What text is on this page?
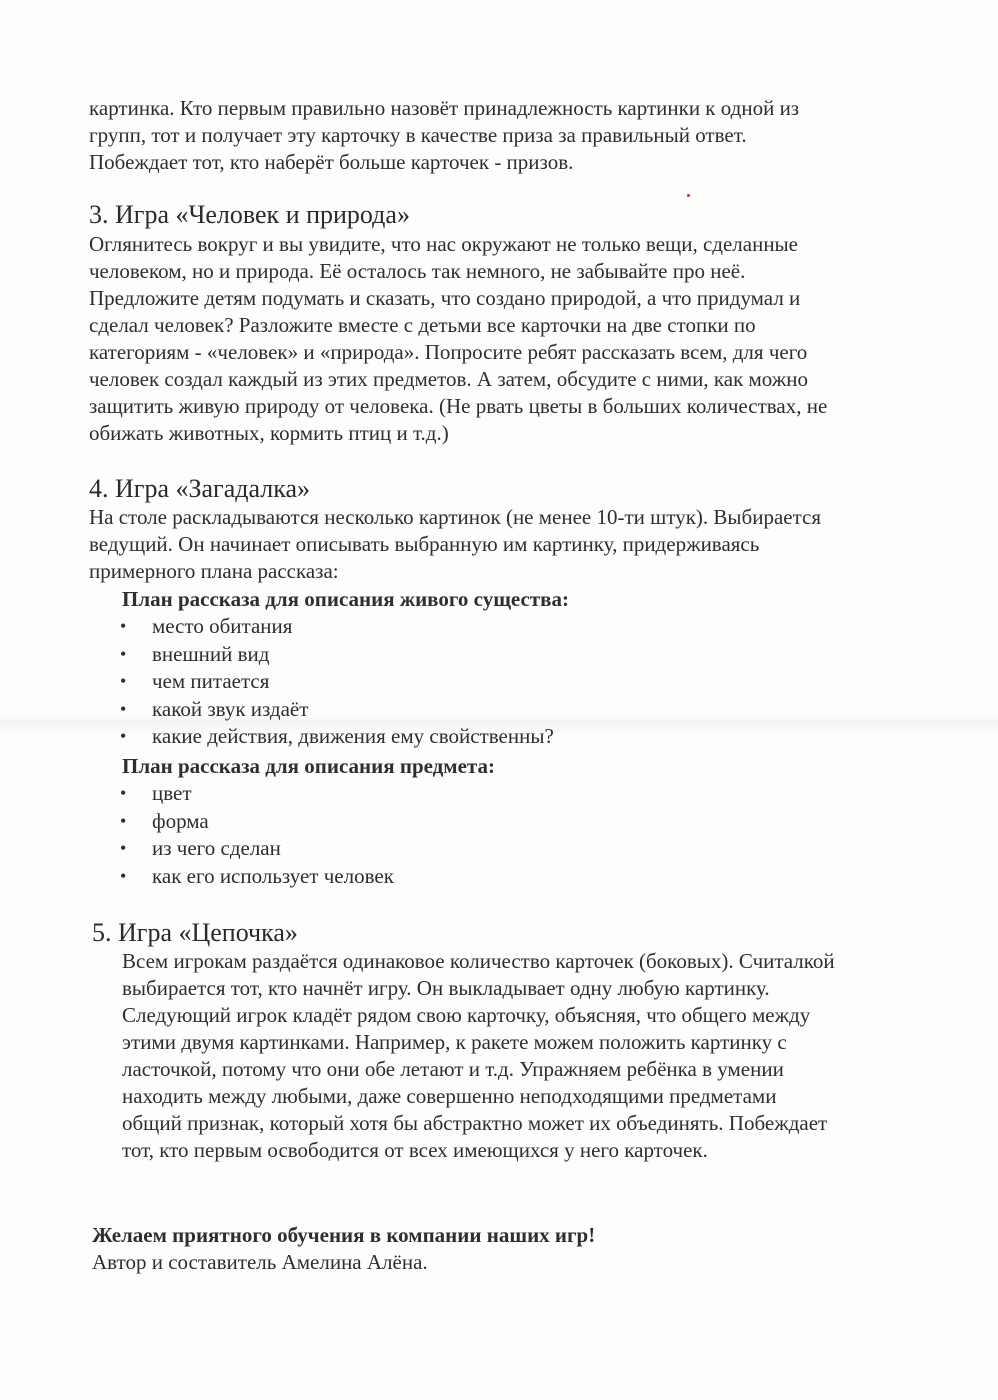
картинка. Кто первым правильно назовёт принадлежность картинки к одной из
групп, тот и получает эту карточку в качестве приза за правильный ответ.
Побеждает тот, кто наберёт больше карточек - призов.
3. Игра «Человек и природа»
Оглянитесь вокруг и вы увидите, что нас окружают не только вещи, сделанные
человеком, но и природа. Её осталось так немного, не забывайте про неё.
Предложите детям подумать и сказать, что создано природой, а что придумал и
сделал человек? Разложите вместе с детьми все карточки на две стопки по
категориям - «человек» и «природа». Попросите ребят рассказать всем, для чего
человек создал каждый из этих предметов. А затем, обсудите с ними, как можно
защитить живую природу от человека. (Не рвать цветы в больших количествах, не
обижать животных, кормить птиц и т.д.)
4. Игра «Загадалка»
На столе раскладываются несколько картинок (не менее 10-ти штук). Выбирается
ведущий. Он начинает описывать выбранную им картинку, придерживаясь
примерного плана рассказа:
План рассказа для описания живого существа:
• место обитания
• внешний вид
• чем питается
• какой звук издаёт
• какие действия, движения ему свойственны?
План рассказа для описания предмета:
• цвет
• форма
• из чего сделан
• как его использует человек
5. Игра «Цепочка»
Всем игрокам раздаётся одинаковое количество карточек (боковых). Считалкой
выбирается тот, кто начнёт игру. Он выкладывает одну любую картинку.
Следующий игрок кладёт рядом свою карточку, объясняя, что общего между
этими двумя картинками. Например, к ракете можем положить картинку с
ласточкой, потому что они обе летают и т.д. Упражняем ребёнка в умении
находить между любыми, даже совершенно неподходящими предметами
общий признак, который хотя бы абстрактно может их объединять. Побеждает
тот, кто первым освободится от всех имеющихся у него карточек.
Желаем приятного обучения в компании наших игр!
Автор и составитель Амелина Алёна.
